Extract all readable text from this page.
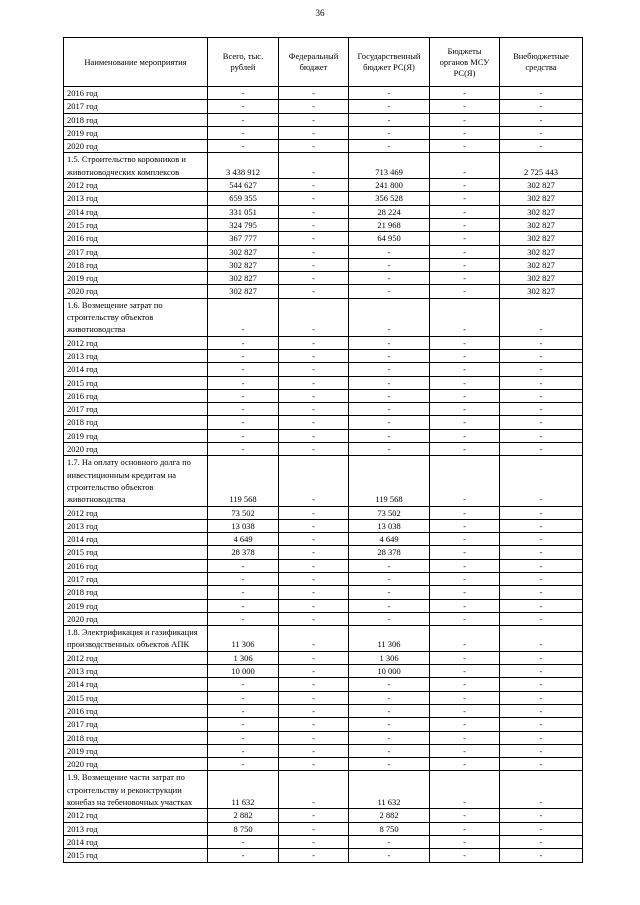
36
Наименование мероприятия	Всего, тыс. рублей	Федеральный бюджет	Государственный бюджет РС(Я)	Бюджеты органов МСУ РС(Я)	Внебюджетные средства
2016 год	-	-	-	-	-
2017 год	-	-	-	-	-
2018 год	-	-	-	-	-
2019 год	-	-	-	-	-
2020 год	-	-	-	-	-
1.5. Строительство коровников и животноводческих комплексов	3 438 912	-	713 469	-	2 725 443
2012 год	544 627	-	241 800	-	302 827
2013 год	659 355	-	356 528	-	302 827
2014 год	331 051	-	28 224	-	302 827
2015 год	324 795	-	21 968	-	302 827
2016 год	367 777	-	64 950	-	302 827
2017 год	302 827	-	-	-	302 827
2018 год	302 827	-	-	-	302 827
2019 год	302 827	-	-	-	302 827
2020 год	302 827	-	-	-	302 827
1.6. Возмещение затрат по строительству объектов животноводства	-	-	-	-	-
2012 год	-	-	-	-	-
2013 год	-	-	-	-	-
2014 год	-	-	-	-	-
2015 год	-	-	-	-	-
2016 год	-	-	-	-	-
2017 год	-	-	-	-	-
2018 год	-	-	-	-	-
2019 год	-	-	-	-	-
2020 год	-	-	-	-	-
1.7. На оплату основного долга по инвестиционным кредитам на строительство объектов животноводства	119 568	-	119 568	-	-
2012 год	73 502	-	73 502	-	-
2013 год	13 038	-	13 038	-	-
2014 год	4 649	-	4 649	-	-
2015 год	28 378	-	28 378	-	-
2016 год	-	-	-	-	-
2017 год	-	-	-	-	-
2018 год	-	-	-	-	-
2019 год	-	-	-	-	-
2020 год	-	-	-	-	-
1.8. Электрификация и газификация производственных объектов АПК	11 306	-	11 306	-	-
2012 год	1 306	-	1 306	-	-
2013 год	10 000	-	10 000	-	-
2014 год	-	-	-	-	-
2015 год	-	-	-	-	-
2016 год	-	-	-	-	-
2017 год	-	-	-	-	-
2018 год	-	-	-	-	-
2019 год	-	-	-	-	-
2020 год	-	-	-	-	-
1.9. Возмещение части затрат по строительству и реконструкции конебаз на тебеновочных участках	11 632	-	11 632	-	-
2012 год	2 882	-	2 882	-	-
2013 год	8 750	-	8 750	-	-
2014 год	-	-	-	-	-
2015 год	-	-	-	-	-
